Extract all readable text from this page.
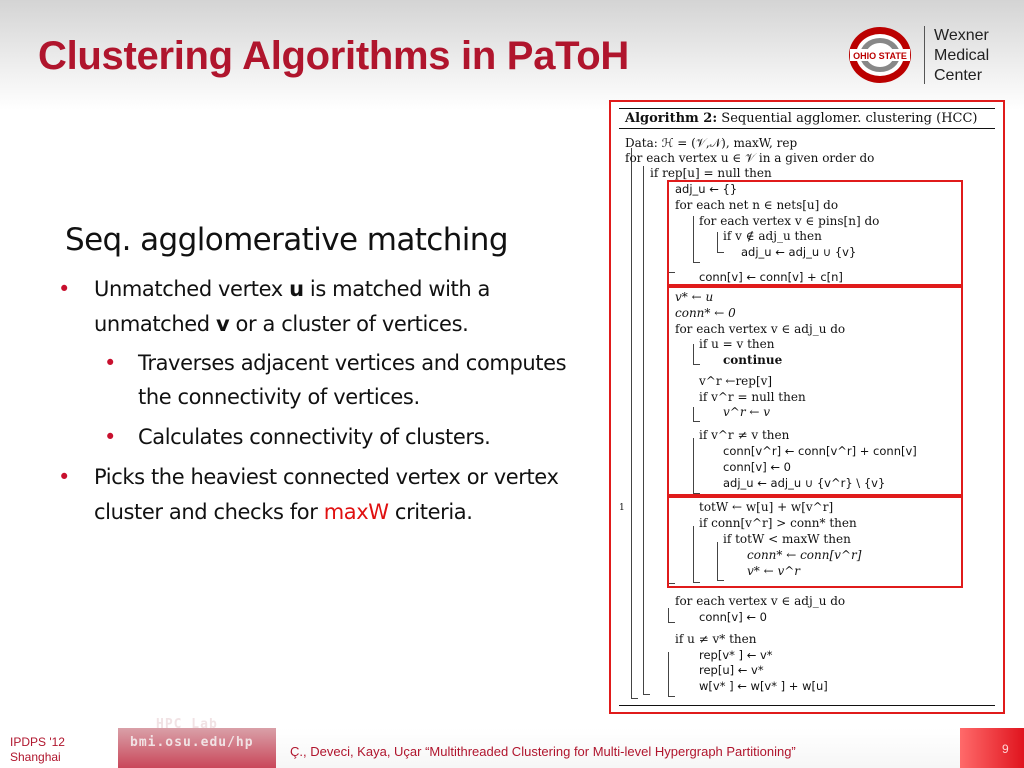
Clustering Algorithms in PaToH	OHIO STATE
Wexner
Medical
Center
Seq. agglomerative matching
• Unmatched vertex u is matched with a unmatched v or a cluster of vertices.
• Traverses adjacent vertices and computes the connectivity of vertices.
• Calculates connectivity of clusters.
• Picks the heaviest connected vertex or vertex cluster and checks for maxW criteria.
Algorithm 2: Sequential agglomer. clustering (HCC)
Data: ℋ = (𝒱,𝒩), maxW, rep
for each vertex u ∈ 𝒱 in a given order do
if rep[u] = null then
adj_u ← {}
for each net n ∈ nets[u] do
for each vertex v ∈ pins[n] do
if v ∉ adj_u then
adj_u ← adj_u ∪ {v}
conn[v] ← conn[v] + c[n]
v* ← u
conn* ← 0
for each vertex v ∈ adj_u do
if u = v then
continue
v^r ←rep[v]
if v^r = null then
v^r ← v
if v^r ≠ v then
conn[v^r] ← conn[v^r] + conn[v]
conn[v] ← 0
adj_u ← adj_u ∪ {v^r} \ {v}
totW ← w[u] + w[v^r]
if conn[v^r] > conn* then
if totW < maxW then
conn* ← conn[v^r]
v* ← v^r
for each vertex v ∈ adj_u do
conn[v] ← 0
if u ≠ v* then
rep[v* ] ← v*
rep[u] ← v*
w[v* ] ← w[v* ] + w[u]
1
IPDPS '12
Shanghai
HPC Lab
bmi.osu.edu/hp
Ç., Deveci, Kaya, Uçar “Multithreaded Clustering for Multi-level Hypergraph Partitioning”	9
